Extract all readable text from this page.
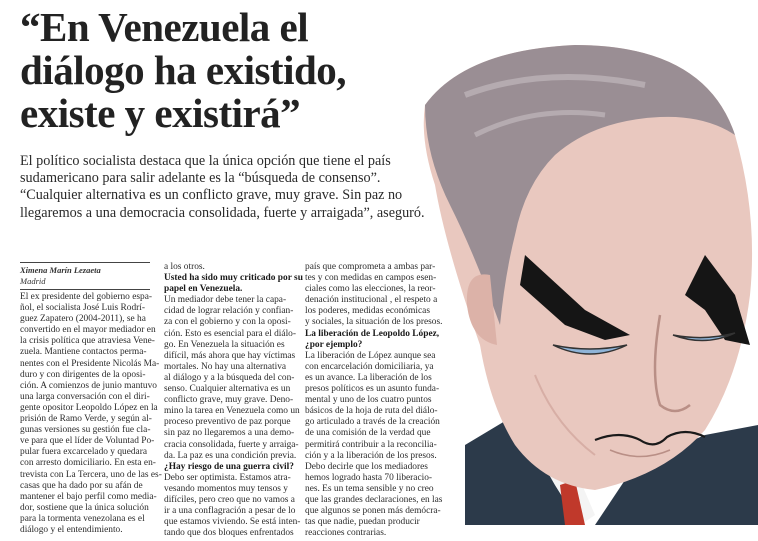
“En Venezuela el
diálogo ha existido,
existe y existirá”

El político socialista destaca que la única opción que tiene el país
sudamericano para salir adelante es la “búsqueda de consenso”.
“Cualquier alternativa es un conflicto grave, muy grave. Sin paz no
llegaremos a una democracia consolidada, fuerte y arraigada”, aseguró.

Ximena Marín Lezaeta
Madrid
El ex presidente del gobierno espa-
ñol, el socialista José Luis Rodrí-
guez Zapatero (2004-2011), se ha
convertido en el mayor mediador en
la crisis política que atraviesa Vene-
zuela. Mantiene contactos perma-
nentes con el Presidente Nicolás Ma-
duro y con dirigentes de la oposi-
ción. A comienzos de junio mantuvo
una larga conversación con el diri-
gente opositor Leopoldo López en la
prisión de Ramo Verde, y según al-
gunas versiones su gestión fue cla-
ve para que el líder de Voluntad Po-
pular fuera excarcelado y quedara
con arresto domiciliario. En esta en-
trevista con La Tercera, uno de las es-
casas que ha dado por su afán de
mantener el bajo perfil como media-
dor, sostiene que la única solución
para la tormenta venezolana es el
diálogo y el entendimiento.
a los otros.
Usted ha sido muy criticado por su
papel en Venezuela.
Un mediador debe tener la capa-
cidad de lograr relación y confian-
za con el gobierno y con la oposi-
ción. Esto es esencial para el diálo-
go. En Venezuela la situación es
difícil, más ahora que hay víctimas
mortales. No hay una alternativa
al diálogo y a la búsqueda del con-
senso. Cualquier alternativa es un
conflicto grave, muy grave. Deno-
mino la tarea en Venezuela como un
proceso preventivo de paz porque
sin paz no llegaremos a una demo-
cracia consolidada, fuerte y arraiga-
da. La paz es una condición previa.
¿Hay riesgo de una guerra civil?
Debo ser optimista. Estamos atra-
vesando momentos muy tensos y
difíciles, pero creo que no vamos a
ir a una conflagración a pesar de lo
que estamos viviendo. Se está inten-
tando que dos bloques enfrentados
país que comprometa a ambas par-
tes y con medidas en campos esen-
ciales como las elecciones, la reor-
denación institucional , el respeto a
los poderes, medidas económicas
y sociales, la situación de los presos.
La liberación de Leopoldo López,
¿por ejemplo?
La liberación de López aunque sea
con encarcelación domiciliaria, ya
es un avance. La liberación de los
presos políticos es un asunto funda-
mental y uno de los cuatro puntos
básicos de la hoja de ruta del diálo-
go articulado a través de la creación
de una comisión de la verdad que
permitirá contribuir a la reconcilia-
ción y a la liberación de los presos.
Debo decirle que los mediadores
hemos logrado hasta 70 liberacio-
nes. Es un tema sensible y no creo
que las grandes declaraciones, en las
que algunos se ponen más demócra-
tas que nadie, puedan producir
reacciones contrarias.
